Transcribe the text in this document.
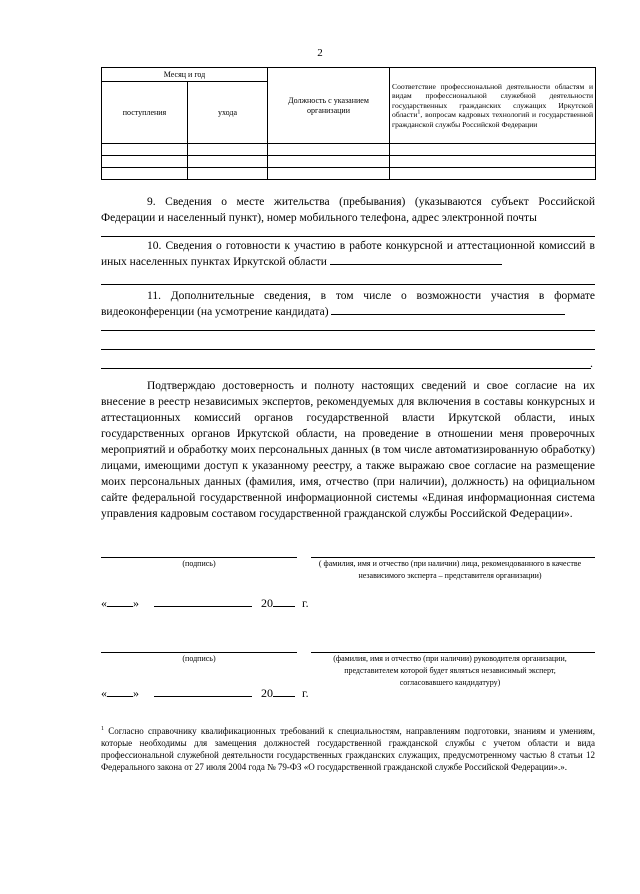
2
Месяц и год		Должность с указанием организации	Соответствие профессиональной деятельности областям и видам профессиональной служебной деятельности государственных гражданских служащих Иркутской области$^1$, вопросам кадровых технологий и государственной гражданской службы Российской Федерации
поступления	ухода		

9. Сведения о месте жительства (пребывания) (указываются субъект Российской Федерации и населенный пункт), номер мобильного телефона, адрес электронной почты
10. Сведения о готовности к участию в работе конкурсной и аттестационной комиссий в иных населенных пунктах Иркутской области
11. Дополнительные сведения, в том числе о возможности участия в формате видеоконференции (на усмотрение кандидата)
.
Подтверждаю достоверность и полноту настоящих сведений и свое согласие на их внесение в реестр независимых экспертов, рекомендуемых для включения в составы конкурсных и аттестационных комиссий органов государственной власти Иркутской области, иных государственных органов Иркутской области, на проведение в отношении меня проверочных мероприятий и обработку моих персональных данных (в том числе автоматизированную обработку) лицами, имеющими доступ к указанному реестру, а также выражаю свое согласие на размещение моих персональных данных (фамилия, имя, отчество (при наличии), должность) на официальном сайте федеральной государственной информационной системы «Единая информационная система управления кадровым составом государственной гражданской службы Российской Федерации».
(подпись)	( фамилия, имя и отчество (при наличии) лица, рекомендованного в качестве независимого эксперта – представителя организации)
« »	20 г.
(подпись)	(фамилия, имя и отчество (при наличии) руководителя организации, представителем которой будет являться независимый эксперт, согласовавшего кандидатуру)
« »	20 г.
$^1$ Согласно справочнику квалификационных требований к специальностям, направлениям подготовки, знаниям и умениям, которые необходимы для замещения должностей государственной гражданской службы с учетом области и вида профессиональной служебной деятельности государственных гражданских служащих, предусмотренному частью 8 статьи 12 Федерального закона от 27 июля 2004 года № 79-ФЗ «О государственной гражданской службе Российской Федерации».».
